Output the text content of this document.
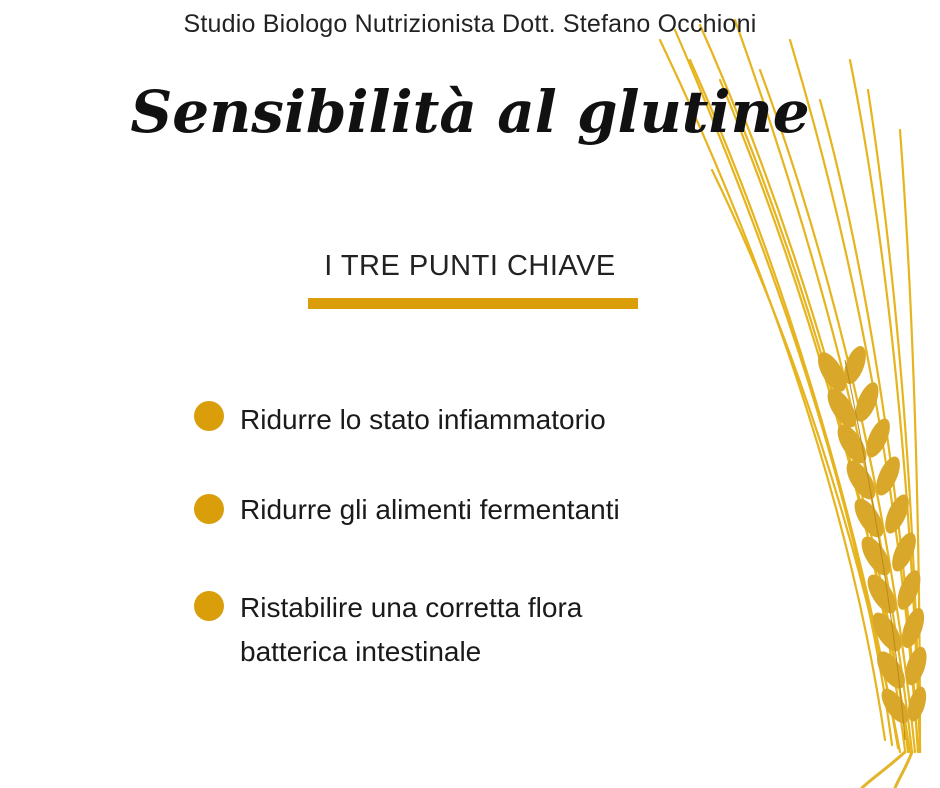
Studio Biologo Nutrizionista Dott. Stefano Occhioni
Sensibilità al glutine
I TRE PUNTI CHIAVE
Ridurre lo stato infiammatorio
Ridurre gli alimenti fermentanti
Ristabilire una corretta flora batterica intestinale
